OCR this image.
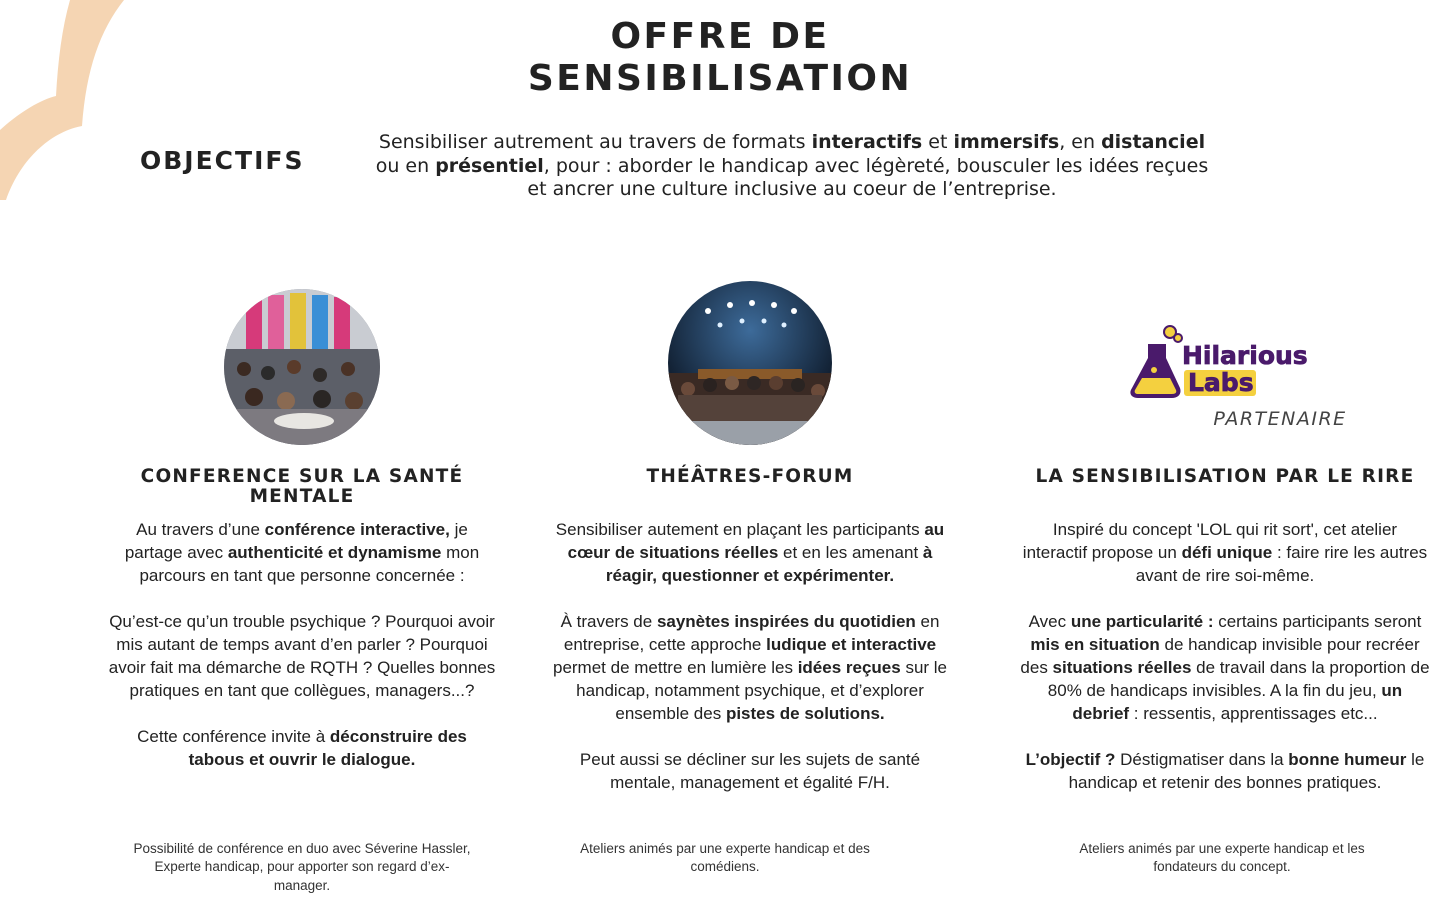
OFFRE DE
SENSIBILISATION
OBJECTIFS

Sensibiliser autrement au travers de formats interactifs et immersifs, en distanciel ou en présentiel, pour : aborder le handicap avec légèreté, bousculer les idées reçues et ancrer une culture inclusive au coeur de l’entreprise.

CONFERENCE SUR LA SANTÉ MENTALE

Au travers d’une conférence interactive, je partage avec authenticité et dynamisme mon parcours en tant que personne concernée :

Qu’est-ce qu’un trouble psychique ? Pourquoi avoir mis autant de temps avant d’en parler ? Pourquoi avoir fait ma démarche de RQTH ? Quelles bonnes pratiques en tant que collègues, managers...?

Cette conférence invite à déconstruire des tabous et ouvrir le dialogue.

Possibilité de conférence en duo avec Séverine Hassler, Experte handicap, pour apporter son regard d’ex-manager.

THÉÂTRES-FORUM

Sensibiliser autement en plaçant les participants au cœur de situations réelles et en les amenant à réagir, questionner et expérimenter.

À travers de saynètes inspirées du quotidien en entreprise, cette approche ludique et interactive permet de mettre en lumière les idées reçues sur le handicap, notamment psychique, et d’explorer ensemble des pistes de solutions.

Peut aussi se décliner sur les sujets de santé mentale, management et égalité F/H.

Ateliers animés par une experte handicap et des comédiens.

Hilarious
Labs
PARTENAIRE
LA SENSIBILISATION PAR LE RIRE

Inspiré du concept 'LOL qui rit sort', cet atelier interactif propose un défi unique : faire rire les autres avant de rire soi-même.

Avec une particularité : certains participants seront mis en situation de handicap invisible pour recréer des situations réelles de travail dans la proportion de 80% de handicaps invisibles. A la fin du jeu, un debrief : ressentis, apprentissages etc...

L’objectif ? Déstigmatiser dans la bonne humeur le handicap et retenir des bonnes pratiques.

Ateliers animés par une experte handicap et les fondateurs du concept.
